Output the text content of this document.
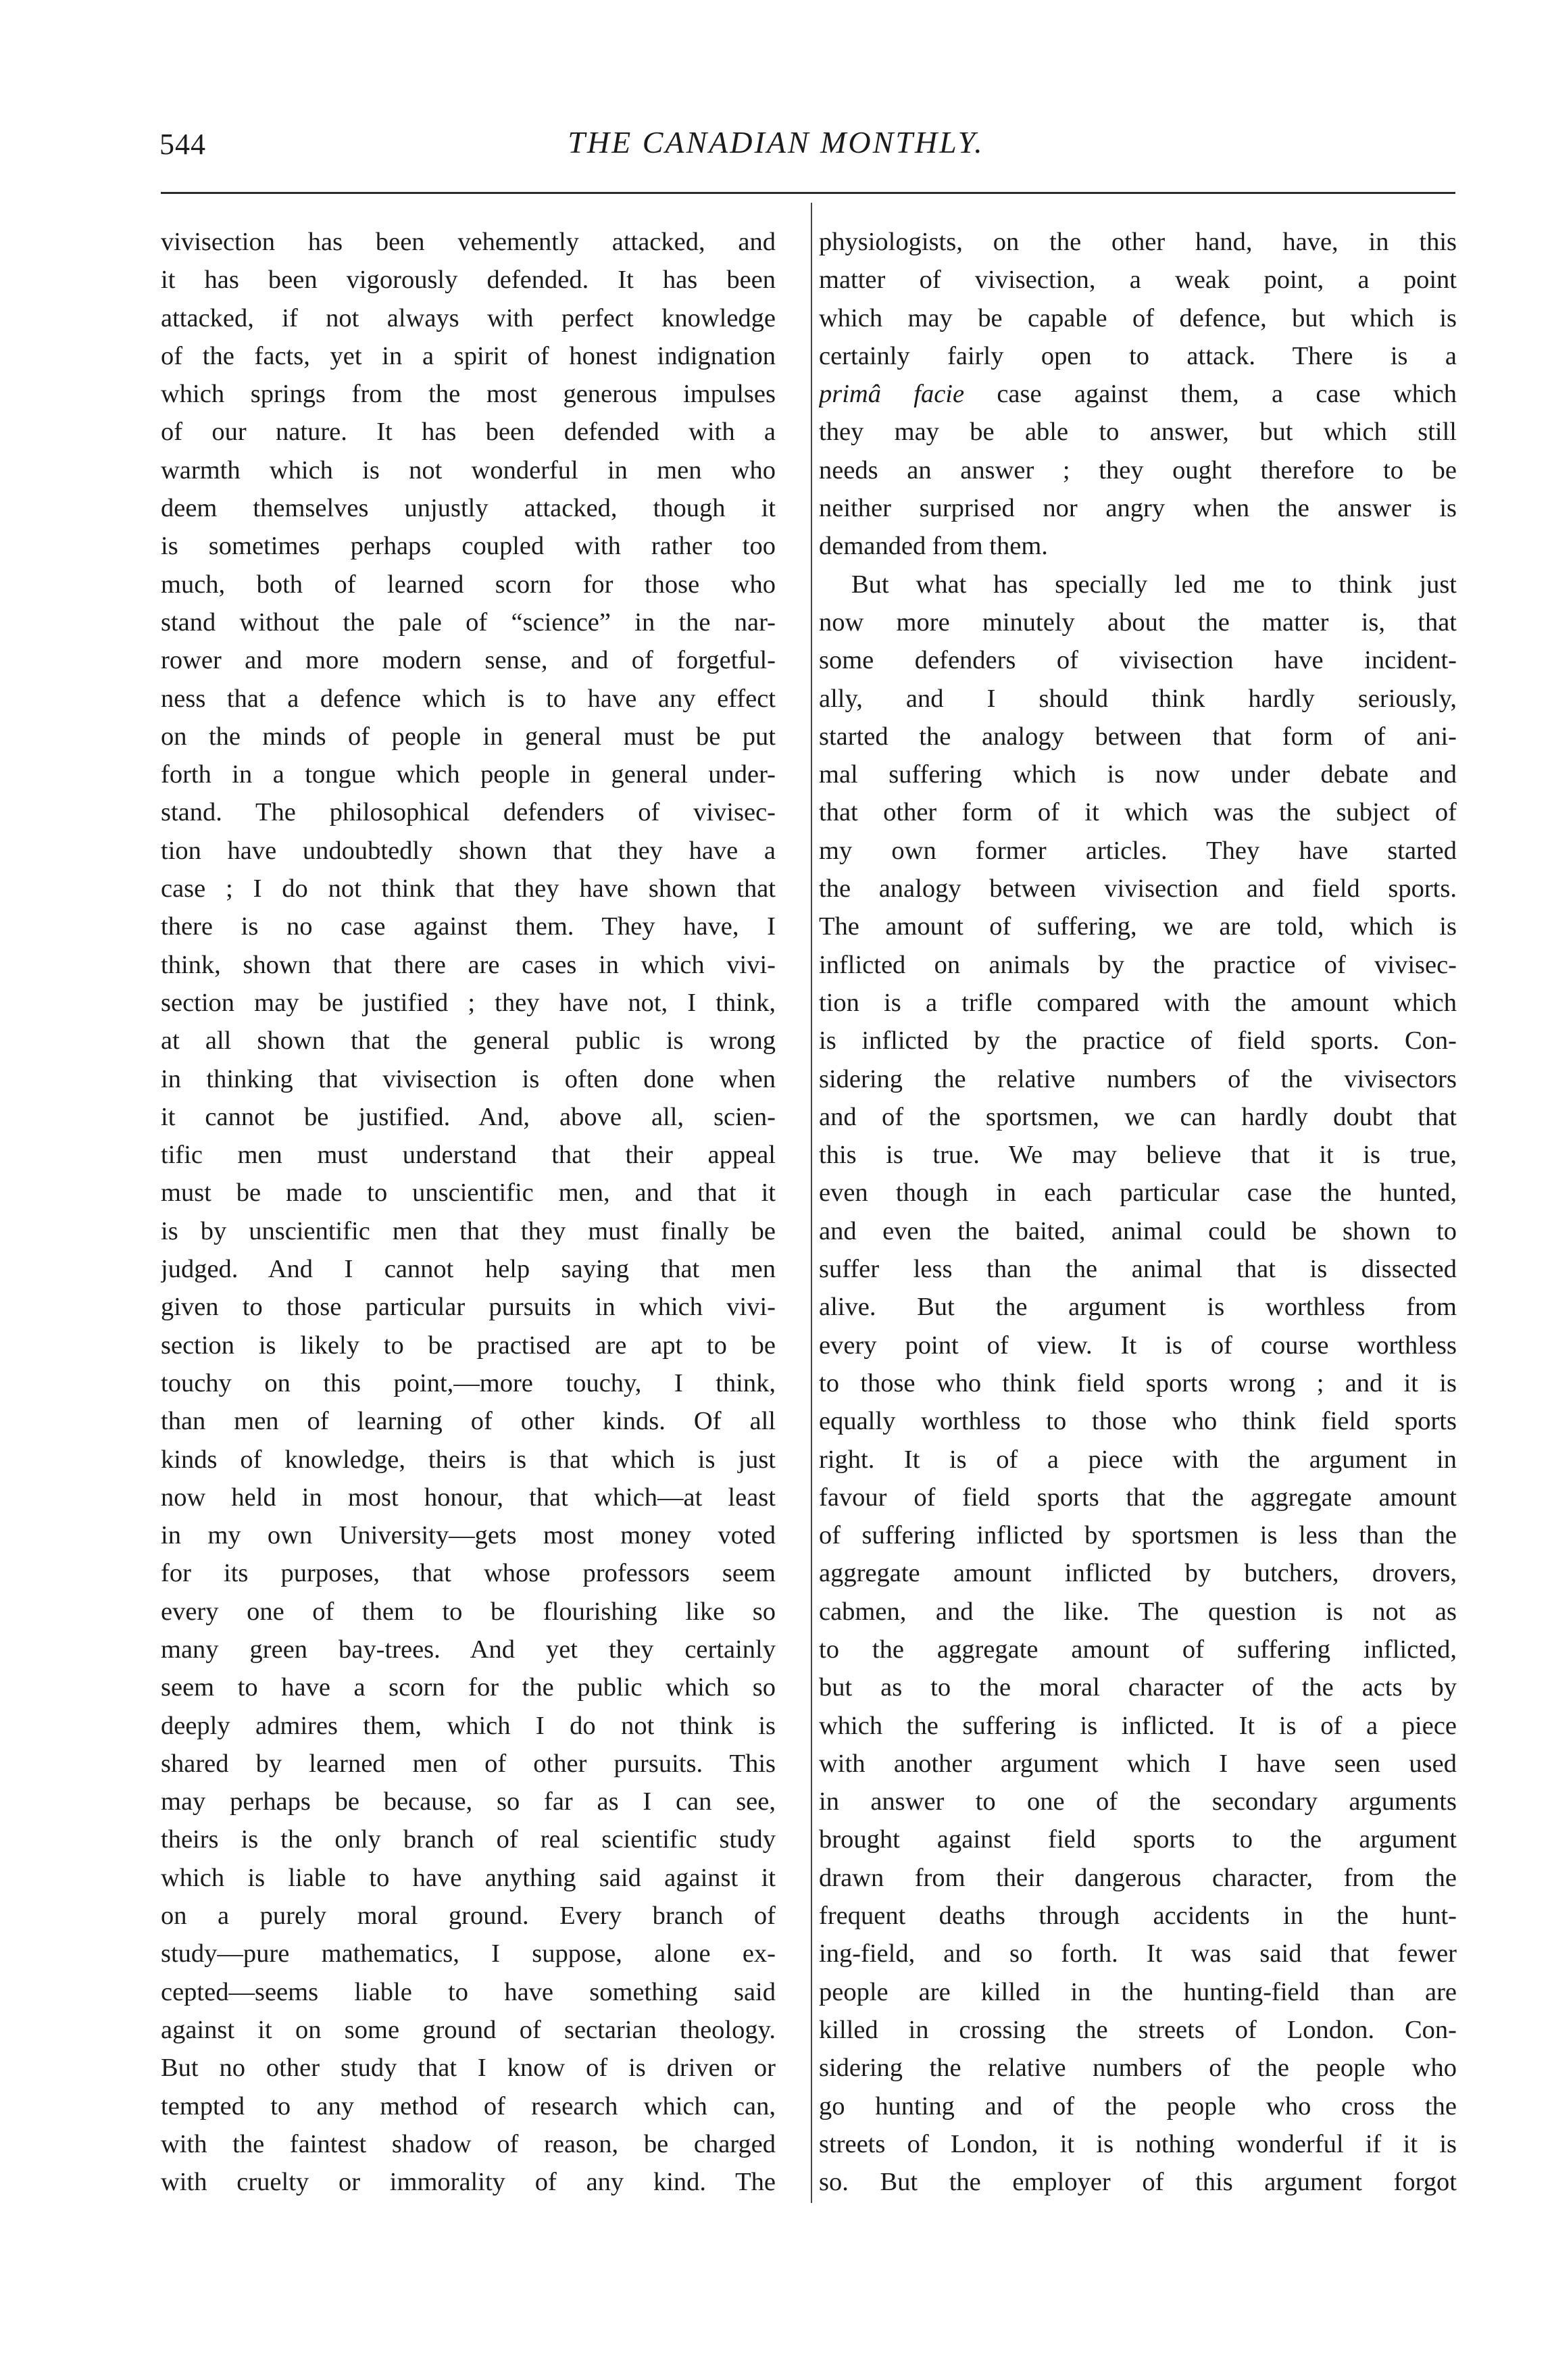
544	THE CANADIAN MONTHLY.
vivisection has been vehemently attacked, and
it has been vigorously defended. It has been
attacked, if not always with perfect knowledge
of the facts, yet in a spirit of honest indignation
which springs from the most generous impulses
of our nature. It has been defended with a
warmth which is not wonderful in men who
deem themselves unjustly attacked, though it
is sometimes perhaps coupled with rather too
much, both of learned scorn for those who
stand without the pale of “science” in the nar-
rower and more modern sense, and of forgetful-
ness that a defence which is to have any effect
on the minds of people in general must be put
forth in a tongue which people in general under-
stand. The philosophical defenders of vivisec-
tion have undoubtedly shown that they have a
case ; I do not think that they have shown that
there is no case against them. They have, I
think, shown that there are cases in which vivi-
section may be justified ; they have not, I think,
at all shown that the general public is wrong
in thinking that vivisection is often done when
it cannot be justified. And, above all, scien-
tific men must understand that their appeal
must be made to unscientific men, and that it
is by unscientific men that they must finally be
judged. And I cannot help saying that men
given to those particular pursuits in which vivi-
section is likely to be practised are apt to be
touchy on this point,—more touchy, I think,
than men of learning of other kinds. Of all
kinds of knowledge, theirs is that which is just
now held in most honour, that which—at least
in my own University—gets most money voted
for its purposes, that whose professors seem
every one of them to be flourishing like so
many green bay-trees. And yet they certainly
seem to have a scorn for the public which so
deeply admires them, which I do not think is
shared by learned men of other pursuits. This
may perhaps be because, so far as I can see,
theirs is the only branch of real scientific study
which is liable to have anything said against it
on a purely moral ground. Every branch of
study—pure mathematics, I suppose, alone ex-
cepted—seems liable to have something said
against it on some ground of sectarian theology.
But no other study that I know of is driven or
tempted to any method of research which can,
with the faintest shadow of reason, be charged
with cruelty or immorality of any kind. The
physiologists, on the other hand, have, in this
matter of vivisection, a weak point, a point
which may be capable of defence, but which is
certainly fairly open to attack. There is a
primâ facie case against them, a case which
they may be able to answer, but which still
needs an answer ; they ought therefore to be
neither surprised nor angry when the answer is
demanded from them.
But what has specially led me to think just
now more minutely about the matter is, that
some defenders of vivisection have incident-
ally, and I should think hardly seriously,
started the analogy between that form of ani-
mal suffering which is now under debate and
that other form of it which was the subject of
my own former articles. They have started
the analogy between vivisection and field sports.
The amount of suffering, we are told, which is
inflicted on animals by the practice of vivisec-
tion is a trifle compared with the amount which
is inflicted by the practice of field sports. Con-
sidering the relative numbers of the vivisectors
and of the sportsmen, we can hardly doubt that
this is true. We may believe that it is true,
even though in each particular case the hunted,
and even the baited, animal could be shown to
suffer less than the animal that is dissected
alive. But the argument is worthless from
every point of view. It is of course worthless
to those who think field sports wrong ; and it is
equally worthless to those who think field sports
right. It is of a piece with the argument in
favour of field sports that the aggregate amount
of suffering inflicted by sportsmen is less than the
aggregate amount inflicted by butchers, drovers,
cabmen, and the like. The question is not as
to the aggregate amount of suffering inflicted,
but as to the moral character of the acts by
which the suffering is inflicted. It is of a piece
with another argument which I have seen used
in answer to one of the secondary arguments
brought against field sports to the argument
drawn from their dangerous character, from the
frequent deaths through accidents in the hunt-
ing-field, and so forth. It was said that fewer
people are killed in the hunting-field than are
killed in crossing the streets of London. Con-
sidering the relative numbers of the people who
go hunting and of the people who cross the
streets of London, it is nothing wonderful if it is
so. But the employer of this argument forgot
